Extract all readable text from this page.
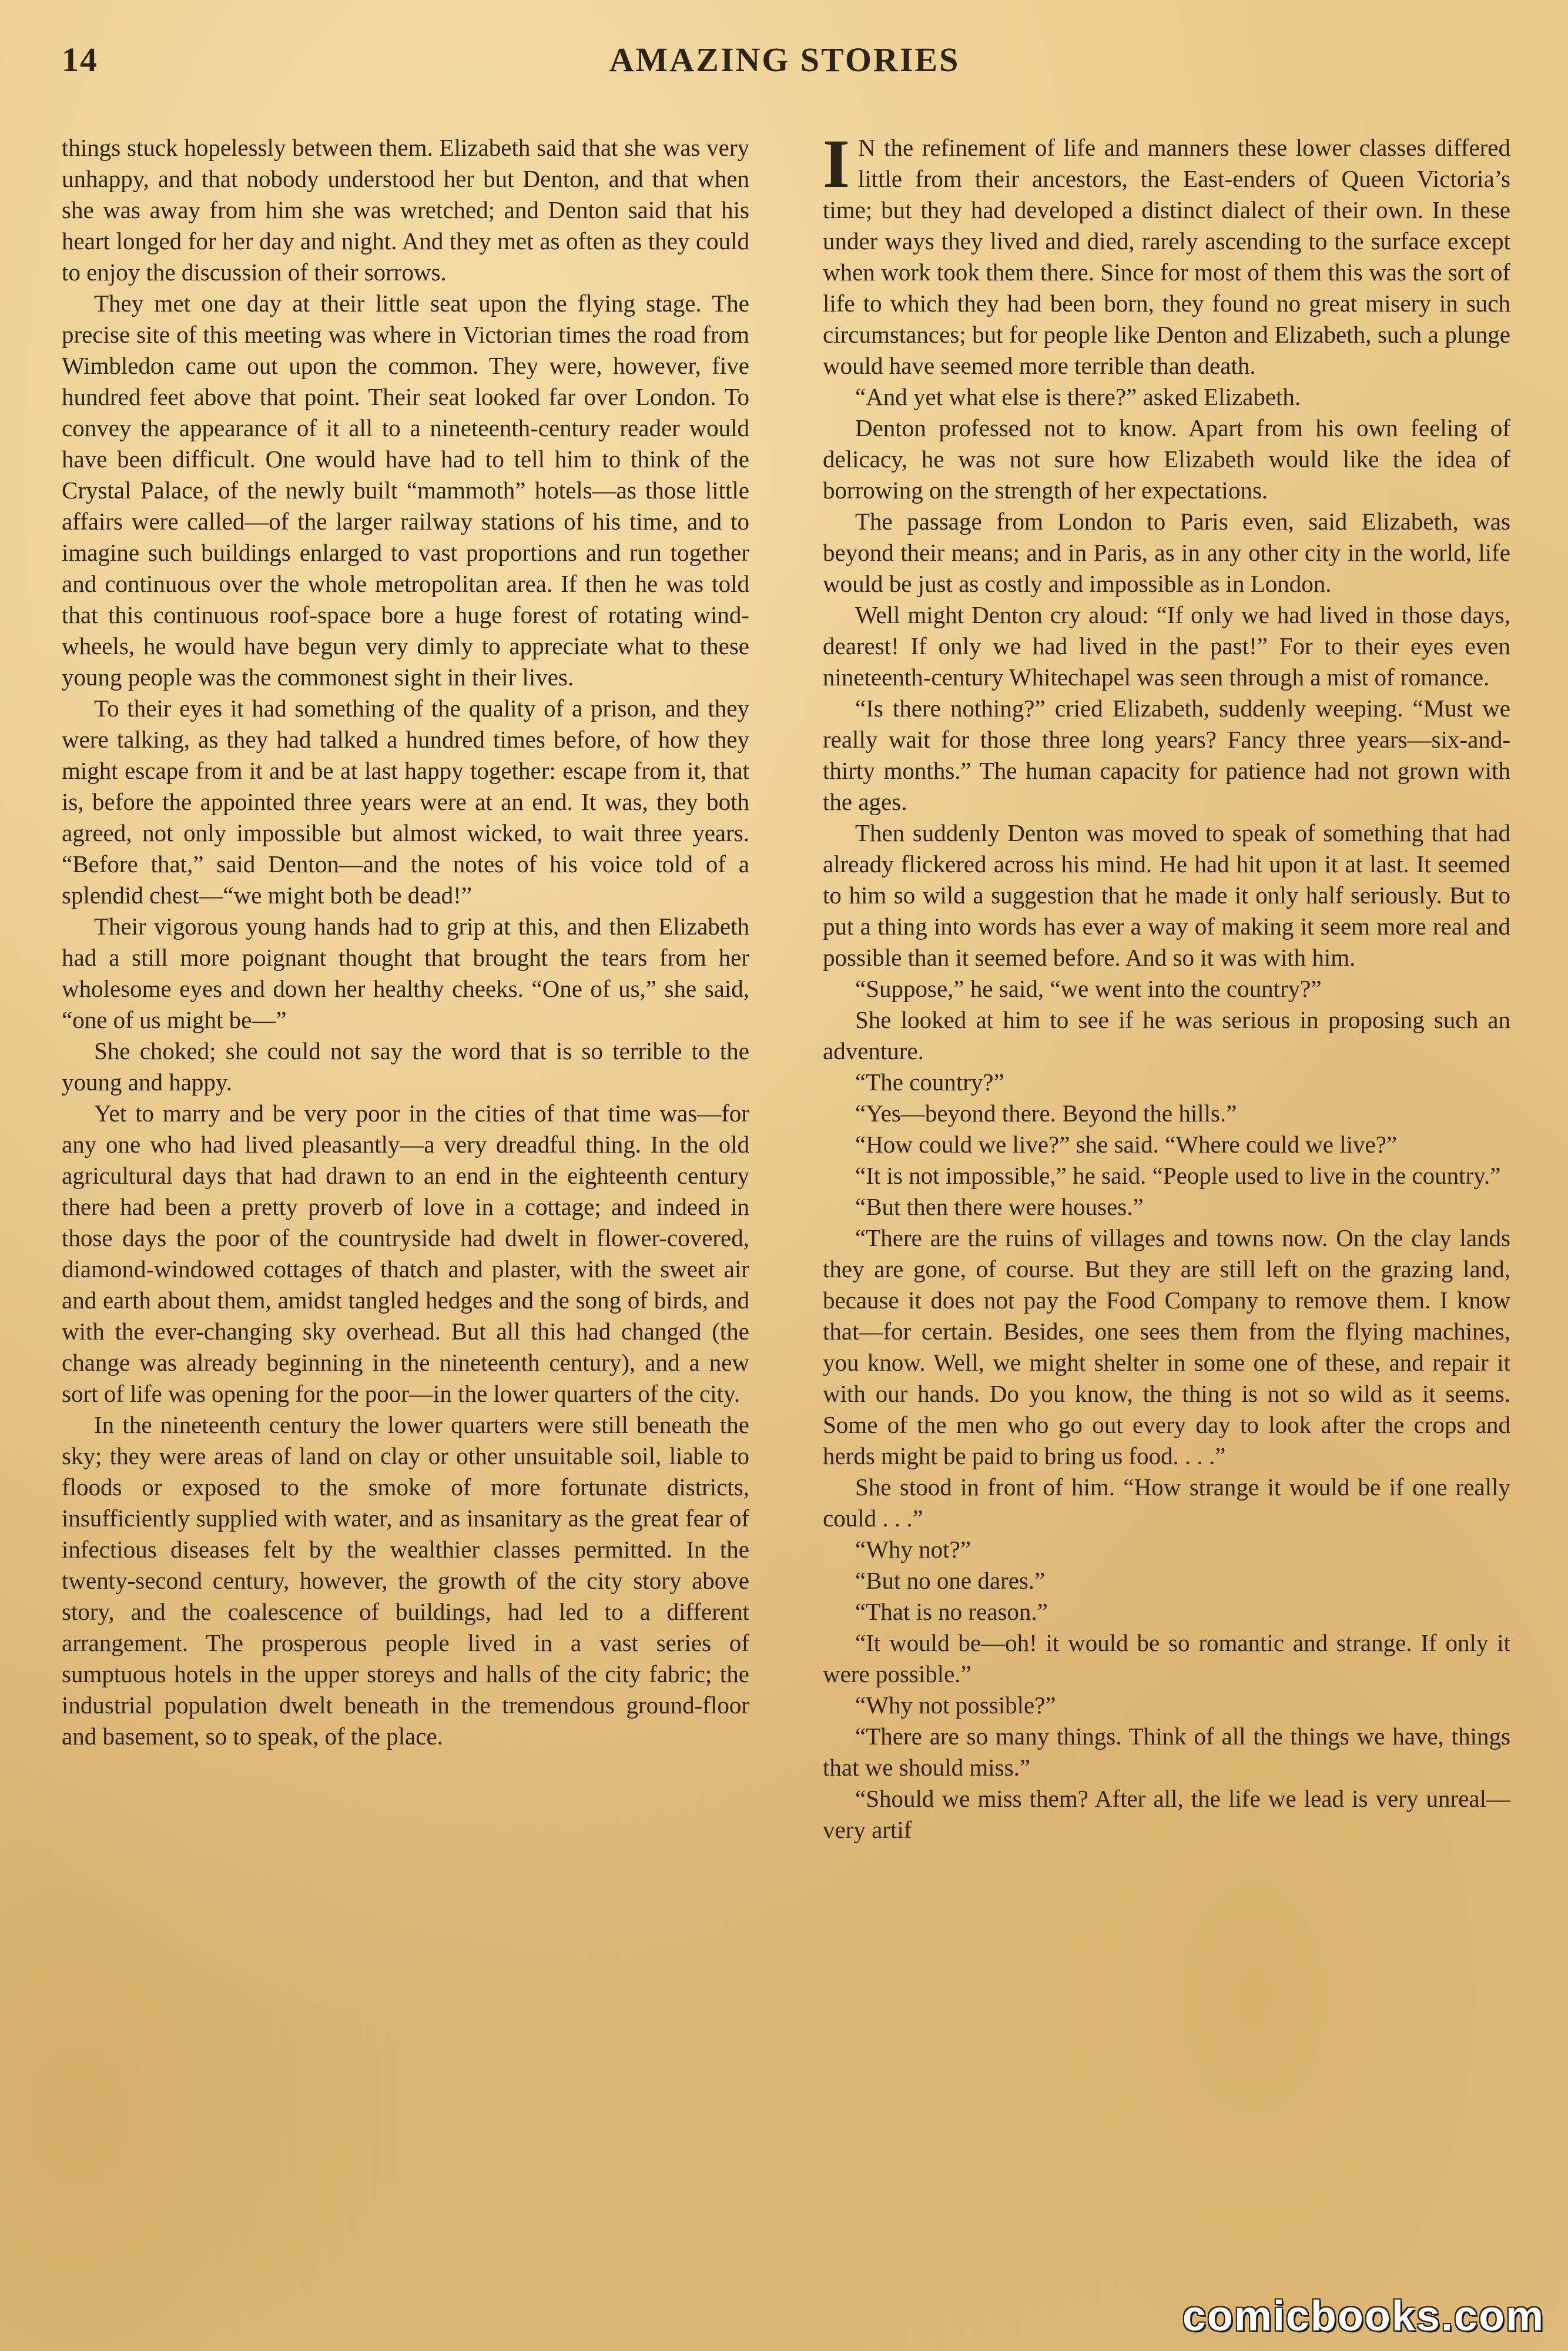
14	AMAZING STORIES

things stuck hopelessly between them. Elizabeth said that she was very unhappy, and that nobody understood her but Denton, and that when she was away from him she was wretched; and Denton said that his heart longed for her day and night. And they met as often as they could to enjoy the discussion of their sorrows.

They met one day at their little seat upon the flying stage. The precise site of this meeting was where in Victorian times the road from Wimbledon came out upon the common. They were, however, five hundred feet above that point. Their seat looked far over London. To convey the appearance of it all to a nineteenth-century reader would have been difficult. One would have had to tell him to think of the Crystal Palace, of the newly built “mammoth” hotels—as those little affairs were called—of the larger railway stations of his time, and to imagine such buildings enlarged to vast proportions and run together and continuous over the whole metropolitan area. If then he was told that this continuous roof-space bore a huge forest of rotating wind-wheels, he would have begun very dimly to appreciate what to these young people was the commonest sight in their lives.

To their eyes it had something of the quality of a prison, and they were talking, as they had talked a hundred times before, of how they might escape from it and be at last happy together: escape from it, that is, before the appointed three years were at an end. It was, they both agreed, not only impossible but almost wicked, to wait three years. “Before that,” said Denton—and the notes of his voice told of a splendid chest—“we might both be dead!”

Their vigorous young hands had to grip at this, and then Elizabeth had a still more poignant thought that brought the tears from her wholesome eyes and down her healthy cheeks. “One of us,” she said, “one of us might be—”

She choked; she could not say the word that is so terrible to the young and happy.

Yet to marry and be very poor in the cities of that time was—for any one who had lived pleasantly—a very dreadful thing. In the old agricultural days that had drawn to an end in the eighteenth century there had been a pretty proverb of love in a cottage; and indeed in those days the poor of the countryside had dwelt in flower-covered, diamond-windowed cottages of thatch and plaster, with the sweet air and earth about them, amidst tangled hedges and the song of birds, and with the ever-changing sky overhead. But all this had changed (the change was already beginning in the nineteenth century), and a new sort of life was opening for the poor—in the lower quarters of the city.

In the nineteenth century the lower quarters were still beneath the sky; they were areas of land on clay or other unsuitable soil, liable to floods or exposed to the smoke of more fortunate districts, insufficiently supplied with water, and as insanitary as the great fear of infectious diseases felt by the wealthier classes permitted. In the twenty-second century, however, the growth of the city story above story, and the coalescence of buildings, had led to a different arrangement. The prosperous people lived in a vast series of sumptuous hotels in the upper storeys and halls of the city fabric; the industrial population dwelt beneath in the tremendous ground-floor and basement, so to speak, of the place.

I N the refinement of life and manners these lower classes differed little from their ancestors, the East-enders of Queen Victoria’s time; but they had developed a distinct dialect of their own. In these under ways they lived and died, rarely ascending to the surface except when work took them there. Since for most of them this was the sort of life to which they had been born, they found no great misery in such circumstances; but for people like Denton and Elizabeth, such a plunge would have seemed more terrible than death.

“And yet what else is there?” asked Elizabeth.

Denton professed not to know. Apart from his own feeling of delicacy, he was not sure how Elizabeth would like the idea of borrowing on the strength of her expectations.

The passage from London to Paris even, said Elizabeth, was beyond their means; and in Paris, as in any other city in the world, life would be just as costly and impossible as in London.

Well might Denton cry aloud: “If only we had lived in those days, dearest! If only we had lived in the past!” For to their eyes even nineteenth-century Whitechapel was seen through a mist of romance.

“Is there nothing?” cried Elizabeth, suddenly weeping. “Must we really wait for those three long years? Fancy three years—six-and-thirty months.” The human capacity for patience had not grown with the ages.

Then suddenly Denton was moved to speak of something that had already flickered across his mind. He had hit upon it at last. It seemed to him so wild a suggestion that he made it only half seriously. But to put a thing into words has ever a way of making it seem more real and possible than it seemed before. And so it was with him.

“Suppose,” he said, “we went into the country?”

She looked at him to see if he was serious in proposing such an adventure.

“The country?”

“Yes—beyond there. Beyond the hills.”

“How could we live?” she said. “Where could we live?”

“It is not impossible,” he said. “People used to live in the country.”

“But then there were houses.”

“There are the ruins of villages and towns now. On the clay lands they are gone, of course. But they are still left on the grazing land, because it does not pay the Food Company to remove them. I know that—for certain. Besides, one sees them from the flying machines, you know. Well, we might shelter in some one of these, and repair it with our hands. Do you know, the thing is not so wild as it seems. Some of the men who go out every day to look after the crops and herds might be paid to bring us food. . . .”

She stood in front of him. “How strange it would be if one really could . . .”

“Why not?”

“But no one dares.”

“That is no reason.”

“It would be—oh! it would be so romantic and strange. If only it were possible.”

“Why not possible?”

“There are so many things. Think of all the things we have, things that we should miss.”

“Should we miss them? After all, the life we lead is very unreal—very artif

comicbooks.com
